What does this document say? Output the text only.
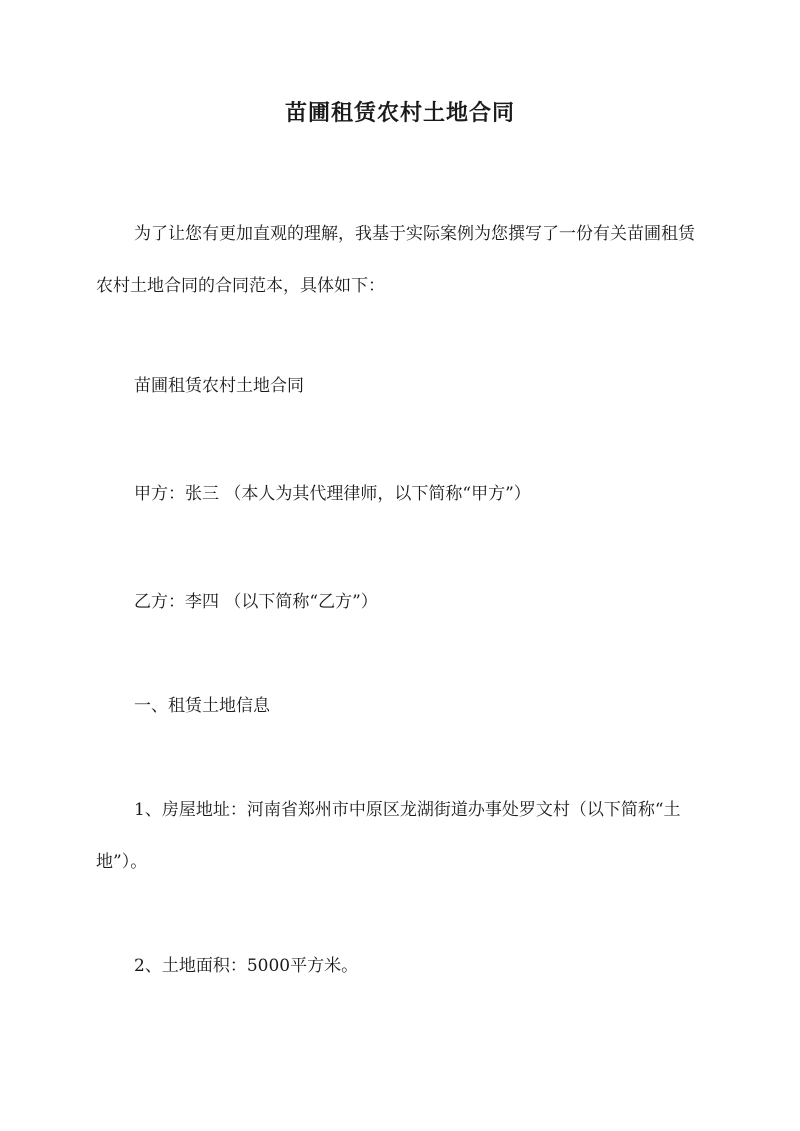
苗圃租赁农村土地合同
为了让您有更加直观的理解，我基于实际案例为您撰写了一份有关苗圃租赁农村土地合同的合同范本，具体如下：
苗圃租赁农村土地合同
甲方：张三 （本人为其代理律师，以下简称“甲方”）
乙方：李四 （以下简称“乙方”）
一、租赁土地信息
1、房屋地址：河南省郑州市中原区龙湖街道办事处罗文村（以下简称“土地”）。
2、土地面积：5000平方米。
